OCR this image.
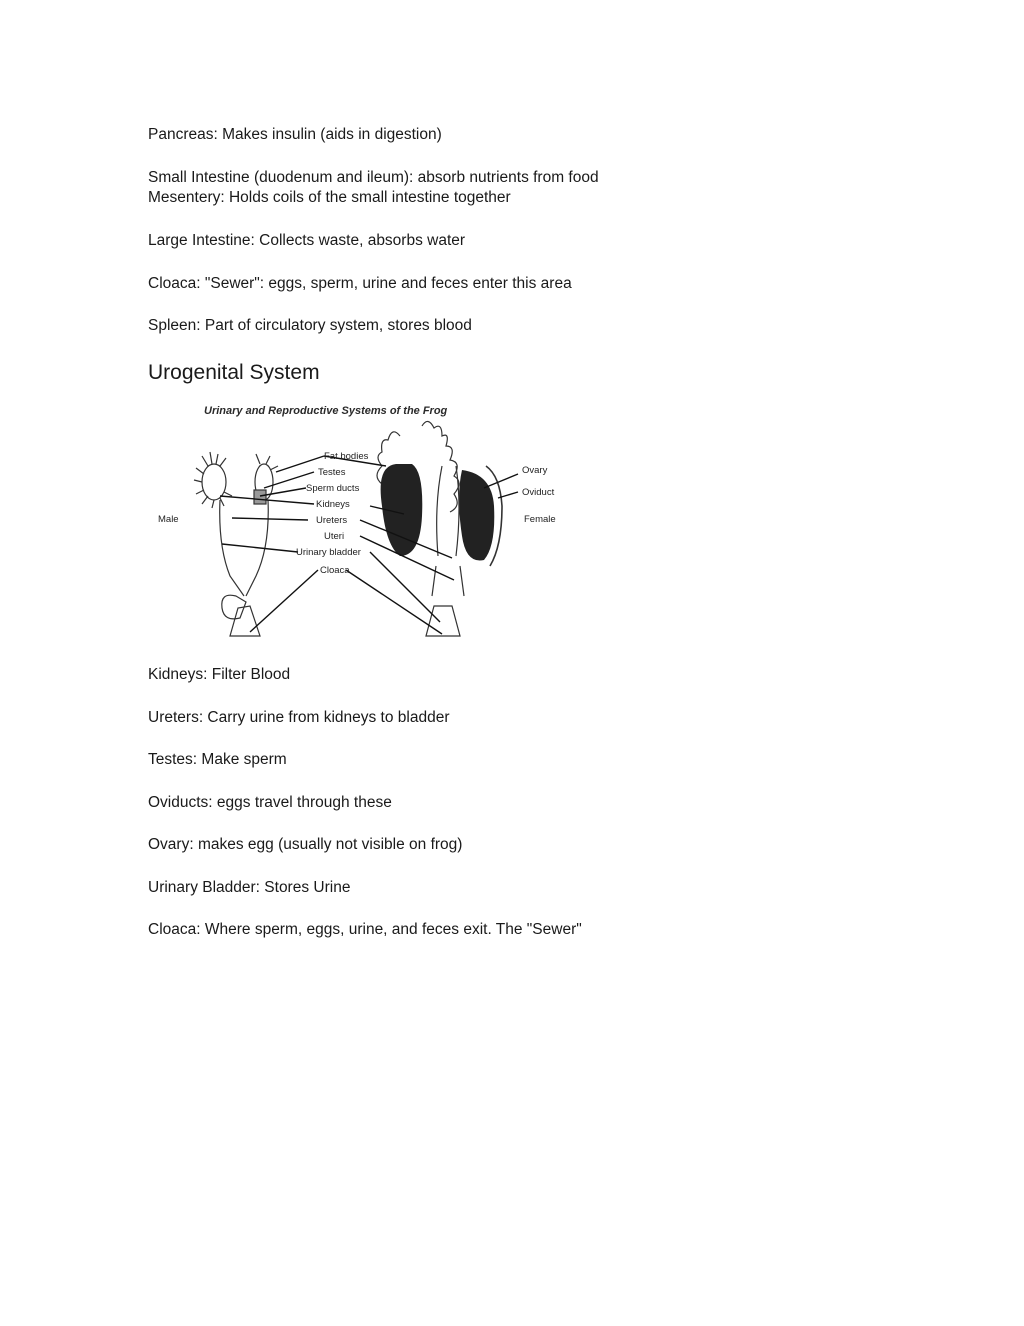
Pancreas: Makes insulin (aids in digestion)
Small Intestine (duodenum and ileum): absorb nutrients from food
Mesentery: Holds coils of the small intestine together
Large Intestine: Collects waste, absorbs water
Cloaca: "Sewer": eggs, sperm, urine and feces enter this area
Spleen: Part of circulatory system, stores blood
Urogenital System
Urinary and Reproductive Systems of the Frog
Male	Female
Fat bodies
Testes
Sperm ducts
Kidneys
Ureters
Uteri
Urinary bladder
Cloaca
Ovary
Oviduct
Kidneys: Filter Blood
Ureters: Carry urine from kidneys to bladder
Testes: Make sperm
Oviducts: eggs travel through these
Ovary: makes egg (usually not visible on frog)
Urinary Bladder: Stores Urine
Cloaca: Where sperm, eggs, urine, and feces exit. The "Sewer"
